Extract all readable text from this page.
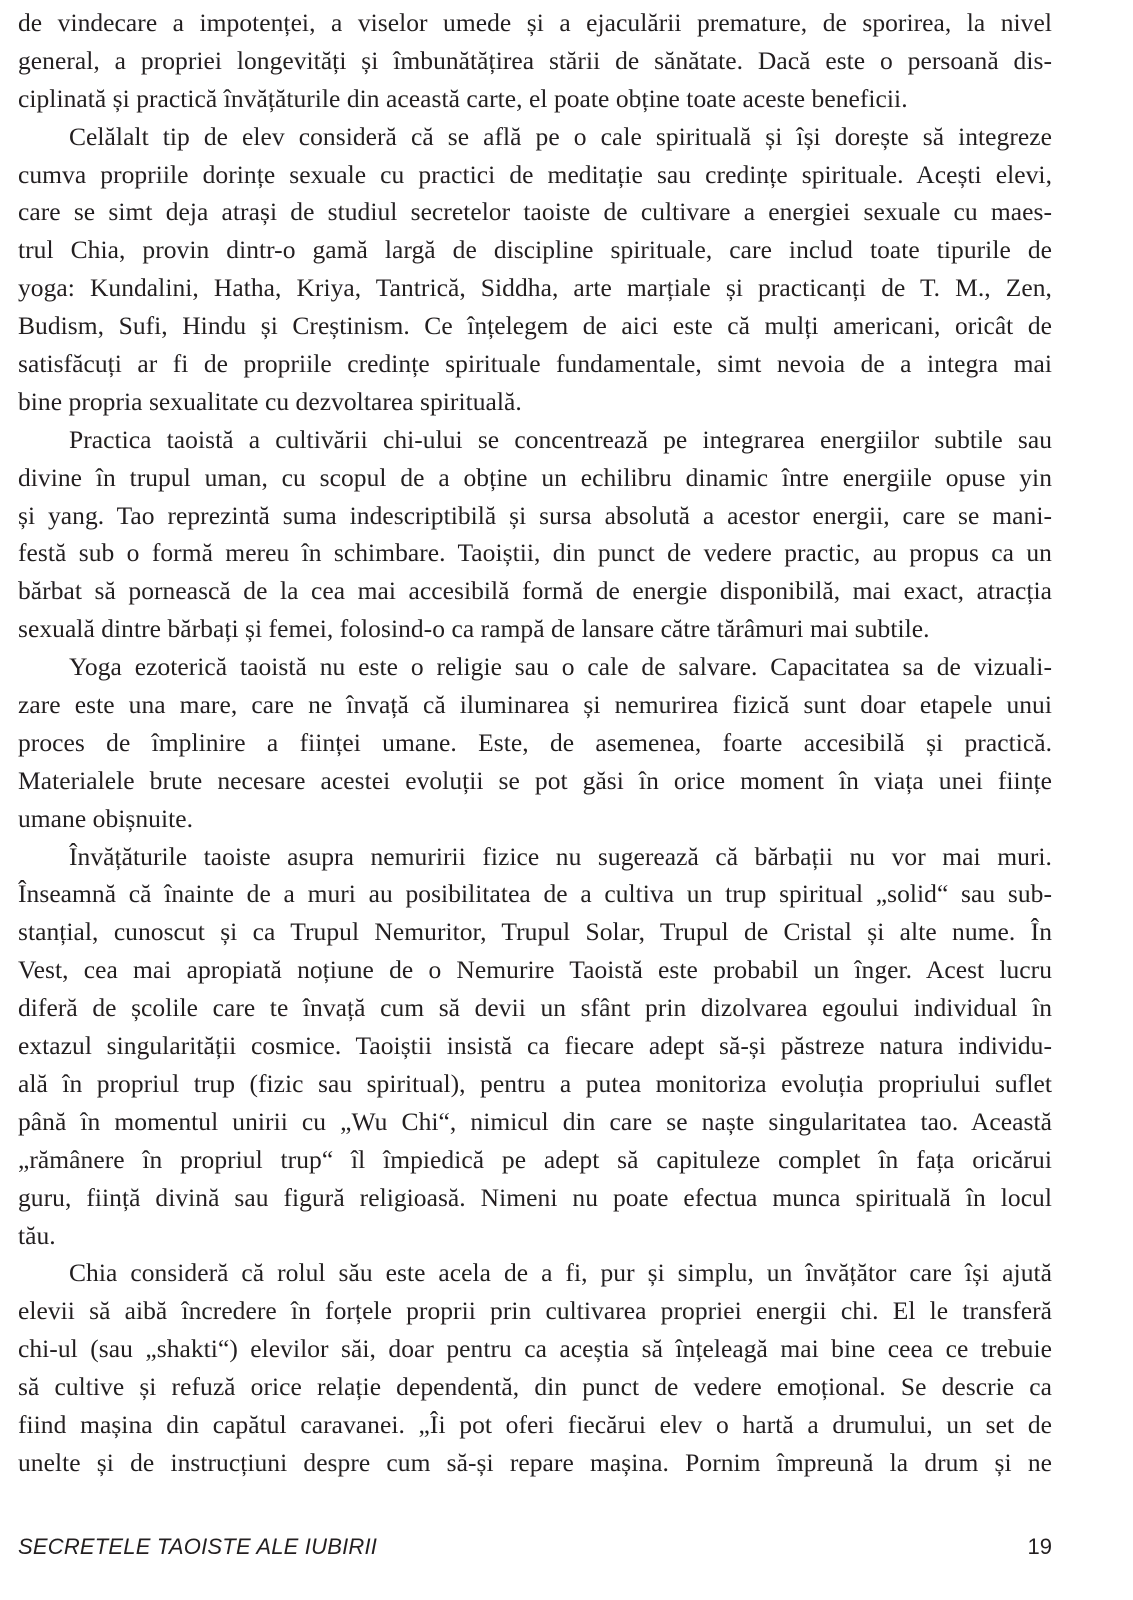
de vindecare a impotenței, a viselor umede și a ejaculării premature, de sporirea, la nivel
general, a propriei longevități și îmbunătățirea stării de sănătate. Dacă este o persoană dis-
ciplinată și practică învățăturile din această carte, el poate obține toate aceste beneficii.
Celălalt tip de elev consideră că se află pe o cale spirituală și își dorește să integreze
cumva propriile dorințe sexuale cu practici de meditație sau credințe spirituale. Acești elevi,
care se simt deja atrași de studiul secretelor taoiste de cultivare a energiei sexuale cu maes-
trul Chia, provin dintr-o gamă largă de discipline spirituale, care includ toate tipurile de
yoga: Kundalini, Hatha, Kriya, Tantrică, Siddha, arte marțiale și practicanți de T. M., Zen,
Budism, Sufi, Hindu și Creștinism. Ce înțelegem de aici este că mulți americani, oricât de
satisfăcuți ar fi de propriile credințe spirituale fundamentale, simt nevoia de a integra mai
bine propria sexualitate cu dezvoltarea spirituală.
Practica taoistă a cultivării chi-ului se concentrează pe integrarea energiilor subtile sau
divine în trupul uman, cu scopul de a obține un echilibru dinamic între energiile opuse yin
și yang. Tao reprezintă suma indescriptibilă și sursa absolută a acestor energii, care se mani-
festă sub o formă mereu în schimbare. Taoiștii, din punct de vedere practic, au propus ca un
bărbat să pornească de la cea mai accesibilă formă de energie disponibilă, mai exact, atracția
sexuală dintre bărbați și femei, folosind-o ca rampă de lansare către tărâmuri mai subtile.
Yoga ezoterică taoistă nu este o religie sau o cale de salvare. Capacitatea sa de vizuali-
zare este una mare, care ne învață că iluminarea și nemurirea fizică sunt doar etapele unui
proces de împlinire a ființei umane. Este, de asemenea, foarte accesibilă și practică.
Materialele brute necesare acestei evoluții se pot găsi în orice moment în viața unei ființe
umane obișnuite.
Învățăturile taoiste asupra nemuririi fizice nu sugerează că bărbații nu vor mai muri.
Înseamnă că înainte de a muri au posibilitatea de a cultiva un trup spiritual „solid“ sau sub-
stanțial, cunoscut și ca Trupul Nemuritor, Trupul Solar, Trupul de Cristal și alte nume. În
Vest, cea mai apropiată noțiune de o Nemurire Taoistă este probabil un înger. Acest lucru
diferă de școlile care te învață cum să devii un sfânt prin dizolvarea egoului individual în
extazul singularității cosmice. Taoiștii insistă ca fiecare adept să-și păstreze natura individu-
ală în propriul trup (fizic sau spiritual), pentru a putea monitoriza evoluția propriului suflet
până în momentul unirii cu „Wu Chi“, nimicul din care se naște singularitatea tao. Această
„rămânere în propriul trup“ îl împiedică pe adept să capituleze complet în fața oricărui
guru, ființă divină sau figură religioasă. Nimeni nu poate efectua munca spirituală în locul
tău.
Chia consideră că rolul său este acela de a fi, pur și simplu, un învățător care își ajută
elevii să aibă încredere în forțele proprii prin cultivarea propriei energii chi. El le transferă
chi-ul (sau „shakti“) elevilor săi, doar pentru ca aceștia să înțeleagă mai bine ceea ce trebuie
să cultive și refuză orice relație dependentă, din punct de vedere emoțional. Se descrie ca
fiind mașina din capătul caravanei. „Îi pot oferi fiecărui elev o hartă a drumului, un set de
unelte și de instrucțiuni despre cum să-și repare mașina. Pornim împreună la drum și ne
SECRETELE TAOISTE ALE IUBIRII	19
